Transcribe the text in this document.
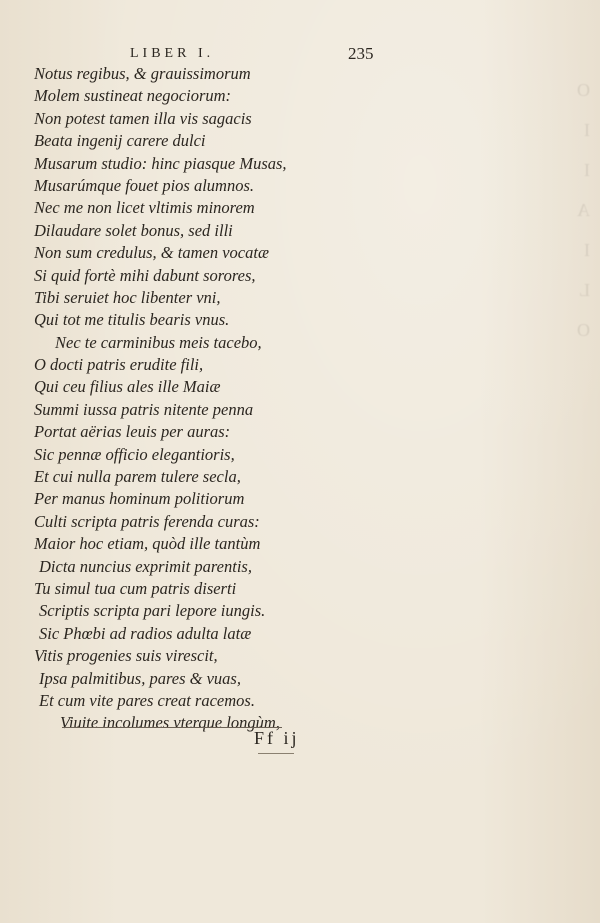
O
I
I
A
I
L
O
LIBER I.	235
Notus regibus, & grauissimorum
Molem sustineat negociorum:
Non potest tamen illa vis sagacis
Beata ingenij carere dulci
Musarum studio: hinc piasque Musas,
Musarúmque fouet pios alumnos.
Nec me non licet vltimis minorem
Dilaudare solet bonus, sed illi
Non sum credulus, & tamen vocatæ
Si quid fortè mihi dabunt sorores,
Tibi seruiet hoc libenter vni,
Qui tot me titulis bearis vnus.
Nec te carminibus meis tacebo,
O docti patris erudite fili,
Qui ceu filius ales ille Maiæ
Summi iussa patris nitente penna
Portat aërias leuis per auras:
Sic pennæ officio elegantioris,
Et cui nulla parem tulere secla,
Per manus hominum politiorum
Culti scripta patris ferenda curas:
Maior hoc etiam, quòd ille tantùm
Dicta nuncius exprimit parentis,
Tu simul tua cum patris diserti
Scriptis scripta pari lepore iungis.
Sic Phœbi ad radios adulta latæ
Vitis progenies suis virescit,
Ipsa palmitibus, pares & vuas,
Et cum vite pares creat racemos.
Viuite incolumes vterque longùm,
Ff ij
